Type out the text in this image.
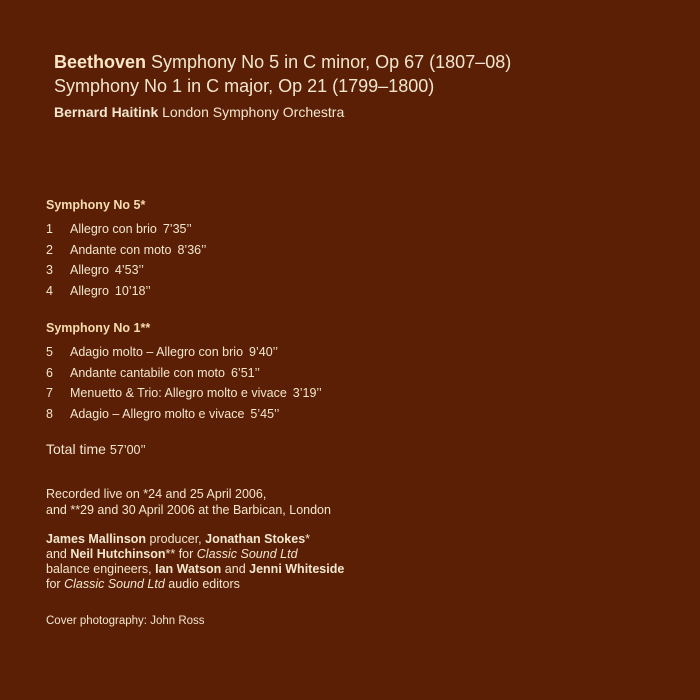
Beethoven Symphony No 5 in C minor, Op 67 (1807–08)
Symphony No 1 in C major, Op 21 (1799–1800)
Bernard Haitink London Symphony Orchestra
Symphony No 5*
1	Allegro con brio 7’35’’
2	Andante con moto 8’36’’
3	Allegro 4’53’’
4	Allegro 10’18’’
Symphony No 1**
5	Adagio molto – Allegro con brio 9’40’’
6	Andante cantabile con moto 6’51’’
7	Menuetto & Trio: Allegro molto e vivace 3’19’’
8	Adagio – Allegro molto e vivace 5’45’’
Total time 57’00’’
Recorded live on *24 and 25 April 2006,
and **29 and 30 April 2006 at the Barbican, London
James Mallinson producer, Jonathan Stokes*
and Neil Hutchinson** for Classic Sound Ltd
balance engineers, Ian Watson and Jenni Whiteside
for Classic Sound Ltd audio editors
Cover photography: John Ross
